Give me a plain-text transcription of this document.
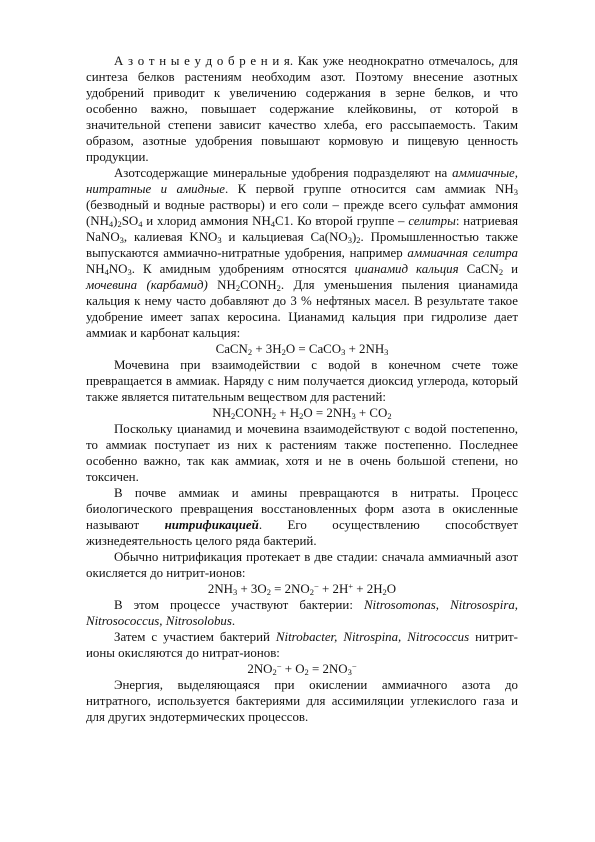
А з о т н ы е у д о б р е н и я. Как уже неоднократно отмечалось, для синтеза белков растениям необходим азот. Поэтому внесение азотных удобрений приводит к увеличению содержания в зерне белков, и что особенно важно, повышает содержание клейковины, от которой в значительной степени зависит качество хлеба, его рассыпаемость. Таким образом, азотные удобрения повышают кормовую и пищевую ценность продукции.

Азотсодержащие минеральные удобрения подразделяют на аммиачные, нитратные и амидные. К первой группе относится сам аммиак $NH_3$ (безводный и водные растворы) и его соли – прежде всего сульфат аммония $(NH_4)_2SO_4$ и хлорид аммония $NH_4C1$. Ко второй группе – селитры: натриевая NaNO$_3$, калиевая $KNO_3$ и кальциевая $Ca(NO_3)_2$. Промышленностью также выпускаются аммиачно-нитратные удобрения, например аммиачная селитра $NH_4NO_3$. К амидным удобрениям относятся цианамид кальция CaCN$_2$ и мочевина (карбамид) $NH_2CONH_2$. Для уменьшения пыления цианамида кальция к нему часто добавляют до 3 % нефтяных масел. В результате такое удобрение имеет запах керосина. Цианамид кальция при гидролизе дает аммиак и карбонат кальция:

CaCN$_2$ + $3H_2O$ = CaCO$_3$ + $2NH_3$

Мочевина при взаимодействии с водой в конечном счете тоже превращается в аммиак. Наряду с ним получается диоксид углерода, который также является питательным веществом для растений:

$NH_2CONH_2 + H_2O = 2NH_3 + CO_2$

Поскольку цианамид и мочевина взаимодействуют с водой постепенно, то аммиак поступает из них к растениям также постепенно. Последнее особенно важно, так как аммиак, хотя и не в очень большой степени, но токсичен.

В почве аммиак и амины превращаются в нитраты. Процесс биологического превращения восстановленных форм азота в окисленные называют нитрификацией. Его осуществлению способствует жизнедеятельность целого ряда бактерий.

Обычно нитрификация протекает в две стадии: сначала аммиачный азот окисляется до нитрит-ионов:

$2NH_3 + 3O_2 = 2NO_2^- + 2H^+ + 2H_2O$

В этом процессе участвуют бактерии: Nitrosomonas, Nitrosospira, Nitrosococcus, Nitrosolobus.

Затем с участием бактерий Nitrobacter, Nitrospina, Nitrococcus нитрит-ионы окисляются до нитрат-ионов:

$2NO_2^- + O_2 = 2NO_3^-$

Энергия, выделяющаяся при окислении аммиачного азота до нитратного, используется бактериями для ассимиляции углекислого газа и для других эндотермических процессов.
